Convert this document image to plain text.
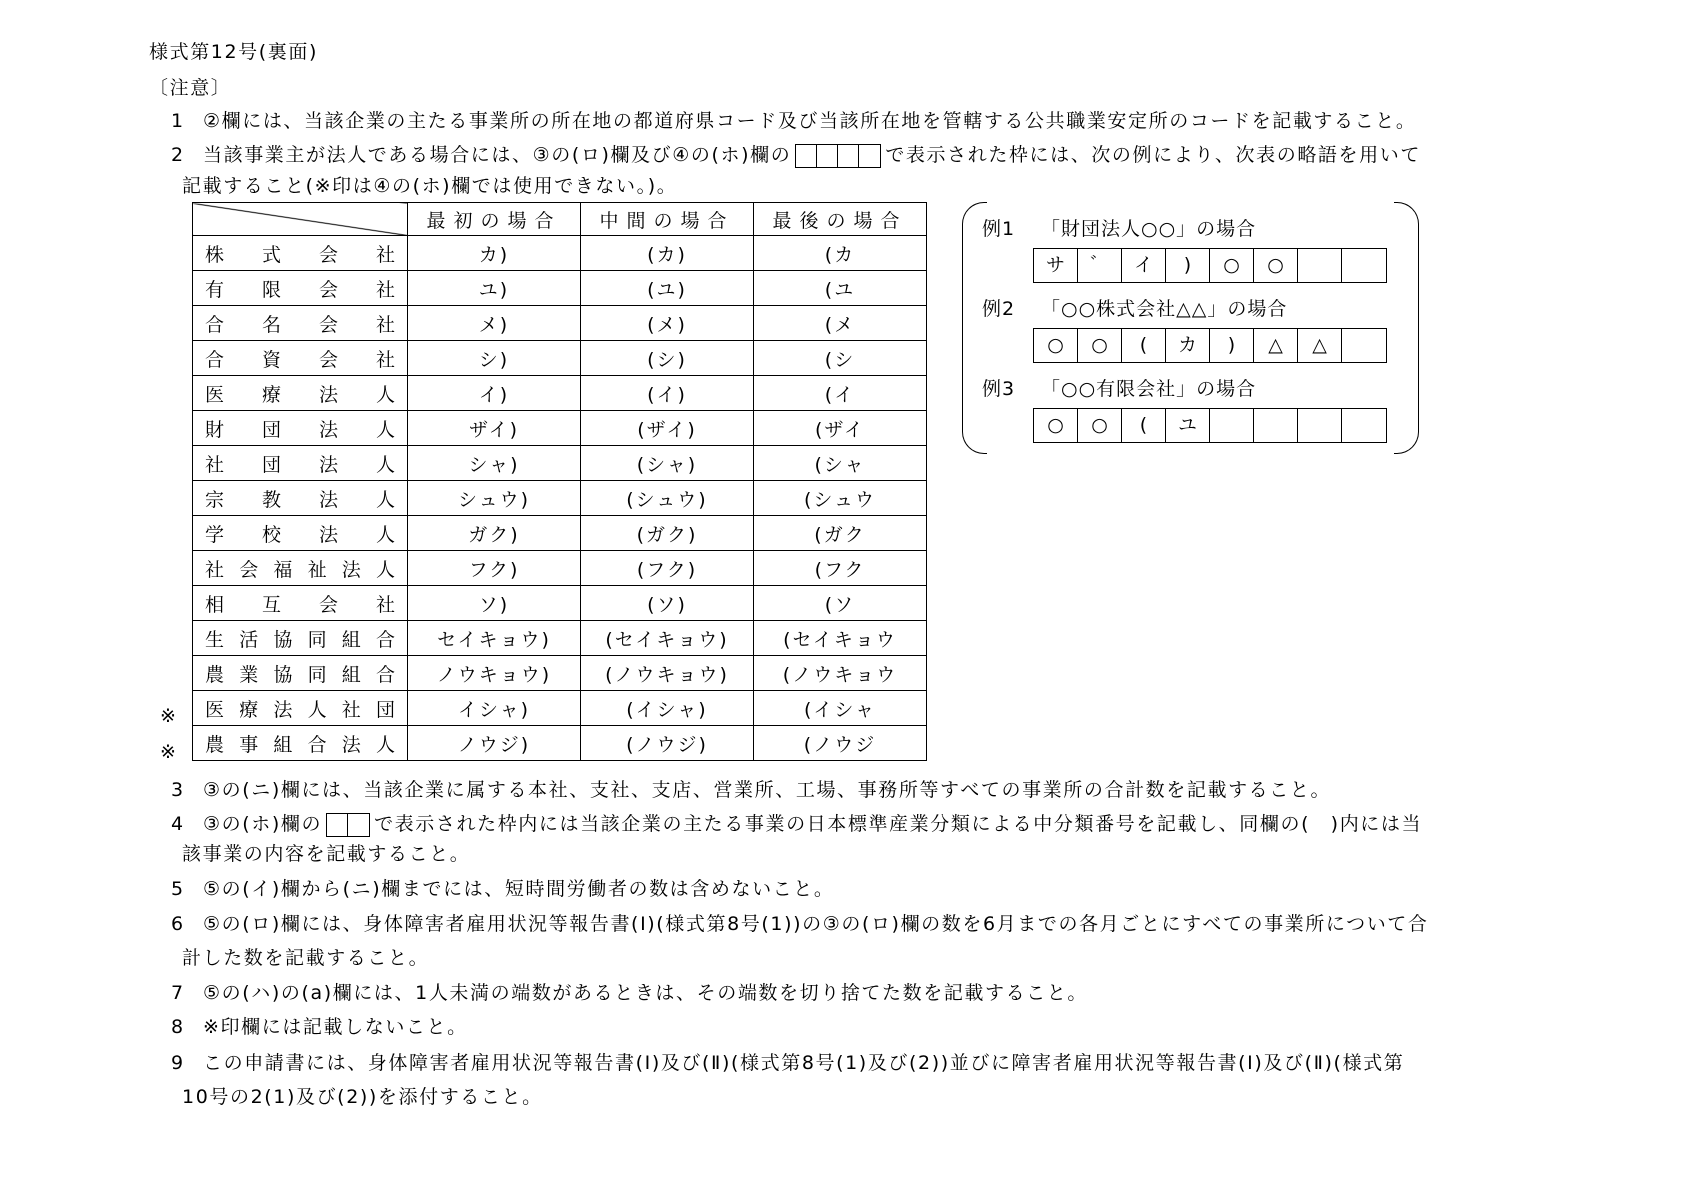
様式第12号(裏面)
〔注意〕
1 ②欄には、当該企業の主たる事業所の所在地の都道府県コード及び当該所在地を管轄する公共職業安定所のコードを記載すること。
2 当該事業主が法人である場合には、③の(ロ)欄及び④の(ホ)欄の	で表示された枠には、次の例により、次表の略語を用いて
記載すること(※印は④の(ホ)欄では使用できない。)。
3 ③の(ニ)欄には、当該企業に属する本社、支社、支店、営業所、工場、事務所等すべての事業所の合計数を記載すること。
4 ③の(ホ)欄の	で表示された枠内には当該企業の主たる事業の日本標準産業分類による中分類番号を記載し、同欄の(　)内には当
該事業の内容を記載すること。
5 ⑤の(イ)欄から(ニ)欄までには、短時間労働者の数は含めないこと。
6 ⑤の(ロ)欄には、身体障害者雇用状況等報告書(Ⅰ)(様式第8号(1))の③の(ロ)欄の数を6月までの各月ごとにすべての事業所について合
計した数を記載すること。
7 ⑤の(ハ)の(a)欄には、1人未満の端数があるときは、その端数を切り捨てた数を記載すること。
8 ※印欄には記載しないこと。
9 この申請書には、身体障害者雇用状況等報告書(Ⅰ)及び(Ⅱ)(様式第8号(1)及び(2))並びに障害者雇用状況等報告書(Ⅰ)及び(Ⅱ)(様式第
10号の2(1)及び(2))を添付すること。
	最初の場合	中間の場合	最後の場合
株式会社	カ)	(カ)	(カ
有限会社	ユ)	(ユ)	(ユ
合名会社	メ)	(メ)	(メ
合資会社	シ)	(シ)	(シ
医療法人	イ)	(イ)	(イ
財団法人	ザイ)	(ザイ)	(ザイ
社団法人	シャ)	(シャ)	(シャ
宗教法人	シュウ)	(シュウ)	(シュウ
学校法人	ガク)	(ガク)	(ガク
社会福祉法人	フク)	(フク)	(フク
相互会社	ソ)	(ソ)	(ソ
生活協同組合	セイキョウ)	(セイキョウ)	(セイキョウ
農業協同組合	ノウキョウ)	(ノウキョウ)	(ノウキョウ
医療法人社団	イシャ)	(イシャ)	(イシャ
農事組合法人	ノウジ)	(ノウジ)	(ノウジ
※
※
例1 「財団法人○○」の場合
サ	゛	イ	)	○	○
例2 「○○株式会社△△」の場合
○	○	(	カ	)	△	△
例3 「○○有限会社」の場合
○	○	(	ユ
